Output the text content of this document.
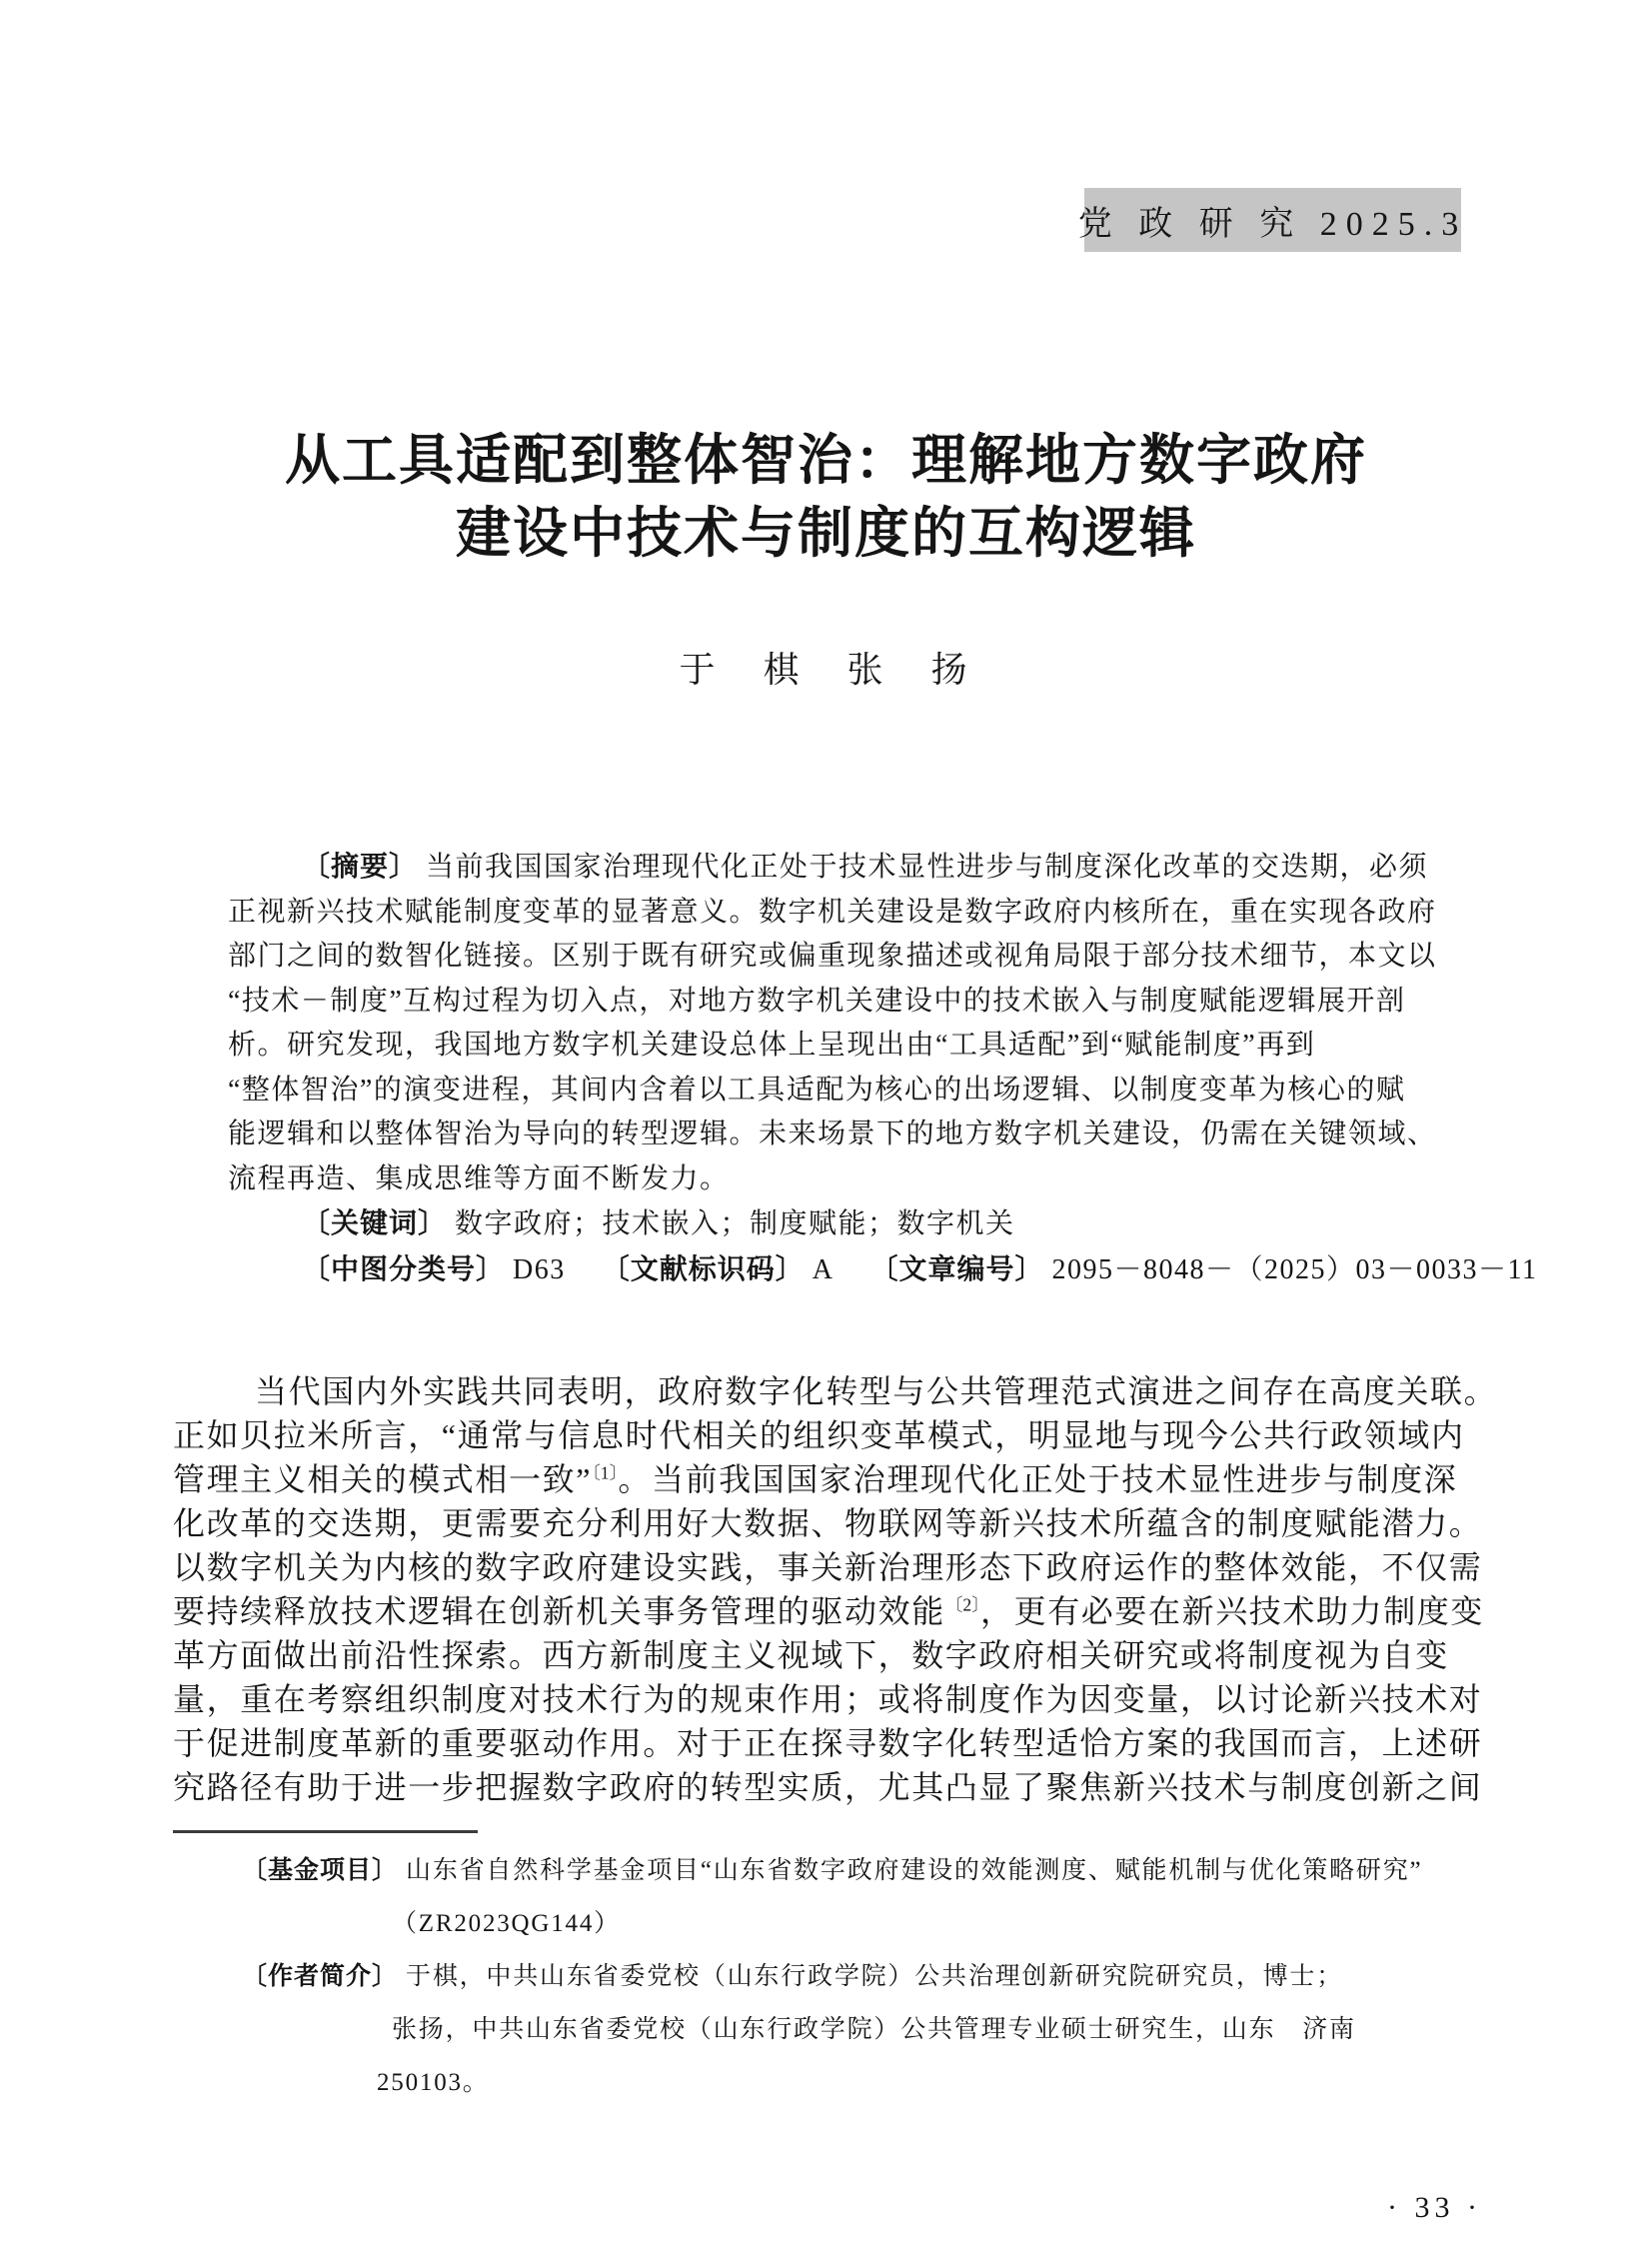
党 政 研 究 2025.3
从工具适配到整体智治：理解地方数字政府
建设中技术与制度的互构逻辑
于　棋　张　扬
〔摘要〕 当前我国国家治理现代化正处于技术显性进步与制度深化改革的交迭期，必须
正视新兴技术赋能制度变革的显著意义。数字机关建设是数字政府内核所在，重在实现各政府
部门之间的数智化链接。区别于既有研究或偏重现象描述或视角局限于部分技术细节，本文以
“技术－制度”互构过程为切入点，对地方数字机关建设中的技术嵌入与制度赋能逻辑展开剖
析。研究发现，我国地方数字机关建设总体上呈现出由“工具适配”到“赋能制度”再到
“整体智治”的演变进程，其间内含着以工具适配为核心的出场逻辑、以制度变革为核心的赋
能逻辑和以整体智治为导向的转型逻辑。未来场景下的地方数字机关建设，仍需在关键领域、
流程再造、集成思维等方面不断发力。
〔关键词〕 数字政府；技术嵌入；制度赋能；数字机关
〔中图分类号〕 D63 〔文献标识码〕 A 〔文章编号〕 2095－8048－（2025）03－0033－11
当代国内外实践共同表明，政府数字化转型与公共管理范式演进之间存在高度关联。
正如贝拉米所言，“通常与信息时代相关的组织变革模式，明显地与现今公共行政领域内
管理主义相关的模式相一致”$^{〔1〕}$。当前我国国家治理现代化正处于技术显性进步与制度深
化改革的交迭期，更需要充分利用好大数据、物联网等新兴技术所蕴含的制度赋能潜力。
以数字机关为内核的数字政府建设实践，事关新治理形态下政府运作的整体效能，不仅需
要持续释放技术逻辑在创新机关事务管理的驱动效能$^{〔2〕}$，更有必要在新兴技术助力制度变
革方面做出前沿性探索。西方新制度主义视域下，数字政府相关研究或将制度视为自变
量，重在考察组织制度对技术行为的规束作用；或将制度作为因变量，以讨论新兴技术对
于促进制度革新的重要驱动作用。对于正在探寻数字化转型适恰方案的我国而言，上述研
究路径有助于进一步把握数字政府的转型实质，尤其凸显了聚焦新兴技术与制度创新之间
〔基金项目〕 山东省自然科学基金项目“山东省数字政府建设的效能测度、赋能机制与优化策略研究”
（ZR2023QG144）
〔作者简介〕 于棋，中共山东省委党校（山东行政学院）公共治理创新研究院研究员，博士；
张扬，中共山东省委党校（山东行政学院）公共管理专业硕士研究生，山东　济南
250103。
· 33 ·
